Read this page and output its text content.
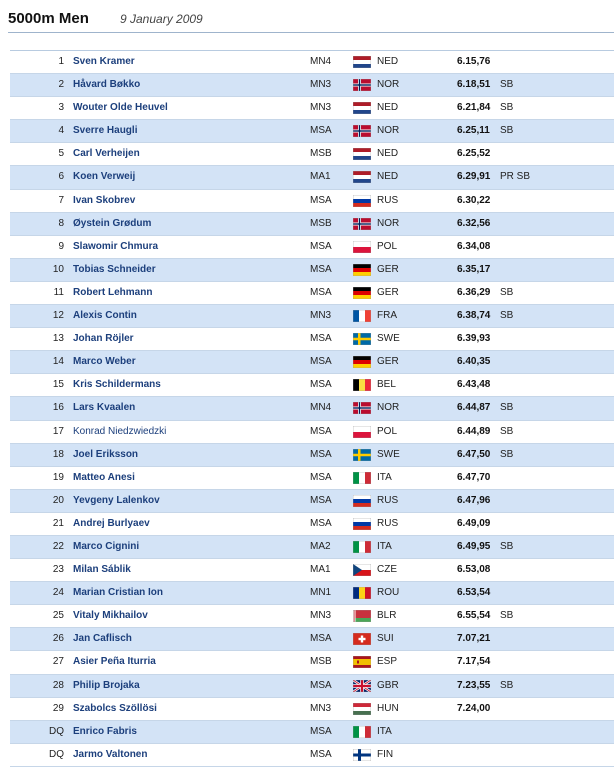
5000m Men	9 January 2009
1 Sven Kramer	MN4	NED	6.15,76
2 Håvard Bøkko	MN3	NOR	6.18,51 SB
3 Wouter Olde Heuvel	MN3	NED	6.21,84 SB
4 Sverre Haugli	MSA	NOR	6.25,11 SB
5 Carl Verheijen	MSB	NED	6.25,52
6 Koen Verweij	MA1	NED	6.29,91 PR SB
7 Ivan Skobrev	MSA	RUS	6.30,22
8 Øystein Grødum	MSB	NOR	6.32,56
9 Slawomir Chmura	MSA	POL	6.34,08
10 Tobias Schneider	MSA	GER	6.35,17
11 Robert Lehmann	MSA	GER	6.36,29 SB
12 Alexis Contin	MN3	FRA	6.38,74 SB
13 Johan Röjler	MSA	SWE	6.39,93
14 Marco Weber	MSA	GER	6.40,35
15 Kris Schildermans	MSA	BEL	6.43,48
16 Lars Kvaalen	MN4	NOR	6.44,87 SB
17 Konrad Niedzwiedzki	MSA	POL	6.44,89 SB
18 Joel Eriksson	MSA	SWE	6.47,50 SB
19 Matteo Anesi	MSA	ITA	6.47,70
20 Yevgeny Lalenkov	MSA	RUS	6.47,96
21 Andrej Burlyaev	MSA	RUS	6.49,09
22 Marco Cignini	MA2	ITA	6.49,95 SB
23 Milan Sáblik	MA1	CZE	6.53,08
24 Marian Cristian Ion	MN1	ROU	6.53,54
25 Vitaly Mikhailov	MN3	BLR	6.55,54 SB
26 Jan Caflisch	MSA	SUI	7.07,21
27 Asier Peña Iturria	MSB	ESP	7.17,54
28 Philip Brojaka	MSA	GBR	7.23,55 SB
29 Szabolcs Szöllösi	MN3	HUN	7.24,00
DQ Enrico Fabris	MSA	ITA
DQ Jarmo Valtonen	MSA	FIN
